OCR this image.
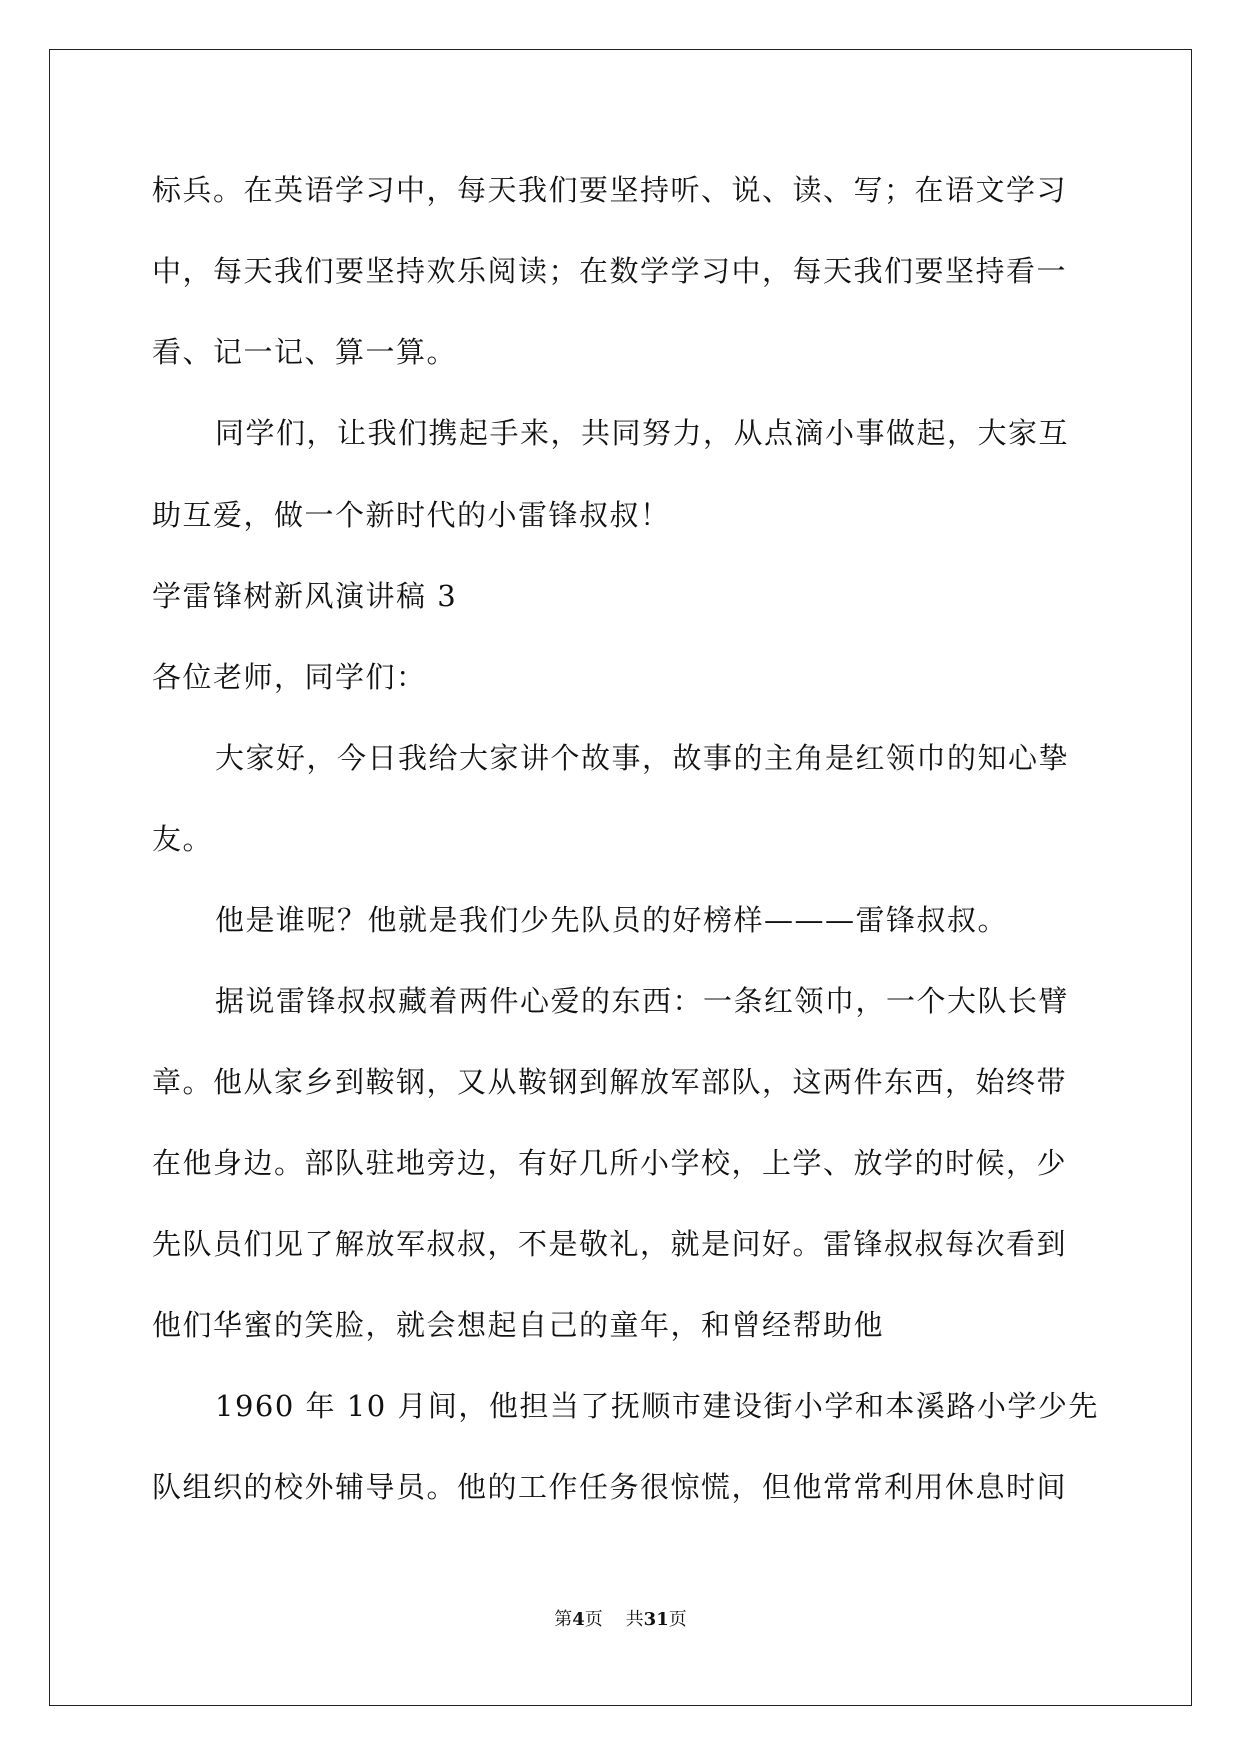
标兵。在英语学习中，每天我们要坚持听、说、读、写；在语文学习
中，每天我们要坚持欢乐阅读；在数学学习中，每天我们要坚持看一
看、记一记、算一算。
同学们，让我们携起手来，共同努力，从点滴小事做起，大家互
助互爱，做一个新时代的小雷锋叔叔！
学雷锋树新风演讲稿 3
各位老师，同学们：
大家好，今日我给大家讲个故事，故事的主角是红领巾的知心挚
友。
他是谁呢？他就是我们少先队员的好榜样———雷锋叔叔。
据说雷锋叔叔藏着两件心爱的东西：一条红领巾，一个大队长臂
章。他从家乡到鞍钢，又从鞍钢到解放军部队，这两件东西，始终带
在他身边。部队驻地旁边，有好几所小学校，上学、放学的时候，少
先队员们见了解放军叔叔，不是敬礼，就是问好。雷锋叔叔每次看到
他们华蜜的笑脸，就会想起自己的童年，和曾经帮助他
1960 年 10 月间，他担当了抚顺市建设街小学和本溪路小学少先
队组织的校外辅导员。他的工作任务很惊慌，但他常常利用休息时间
第4页 共31页
